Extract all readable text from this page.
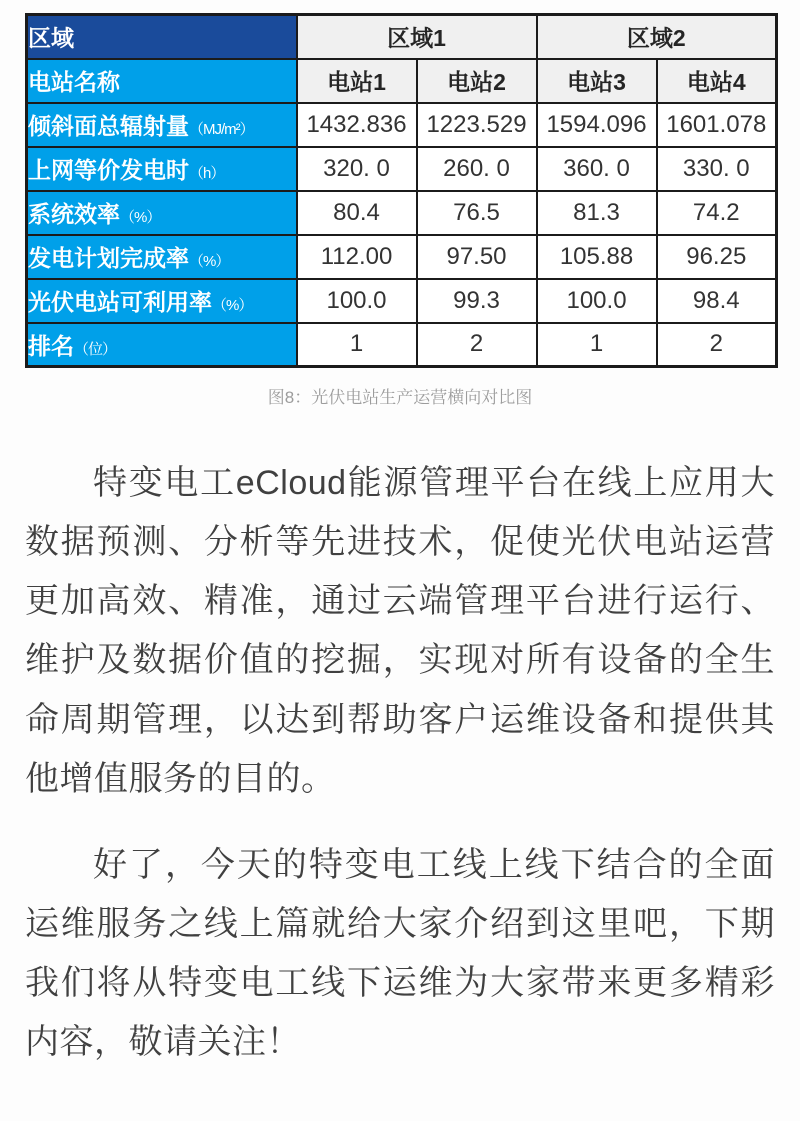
区域	区域1		区域2	
电站名称	电站1	电站2	电站3	电站4
倾斜面总辐射量（MJ/m²）	1432.836	1223.529	1594.096	1601.078
上网等价发电时（h）	320. 0	260. 0	360. 0	330. 0
系统效率（%）	80.4	76.5	81.3	74.2
发电计划完成率（%）	112.00	97.50	105.88	96.25
光伏电站可利用率（%）	100.0	99.3	100.0	98.4
排名（位）	1	2	1	2
图8：光伏电站生产运营横向对比图

特变电工eCloud能源管理平台在线上应用大数据预测、分析等先进技术，促使光伏电站运营更加高效、精准，通过云端管理平台进行运行、维护及数据价值的挖掘，实现对所有设备的全生命周期管理，以达到帮助客户运维设备和提供其他增值服务的目的。

好了，今天的特变电工线上线下结合的全面运维服务之线上篇就给大家介绍到这里吧，下期我们将从特变电工线下运维为大家带来更多精彩内容，敬请关注！
